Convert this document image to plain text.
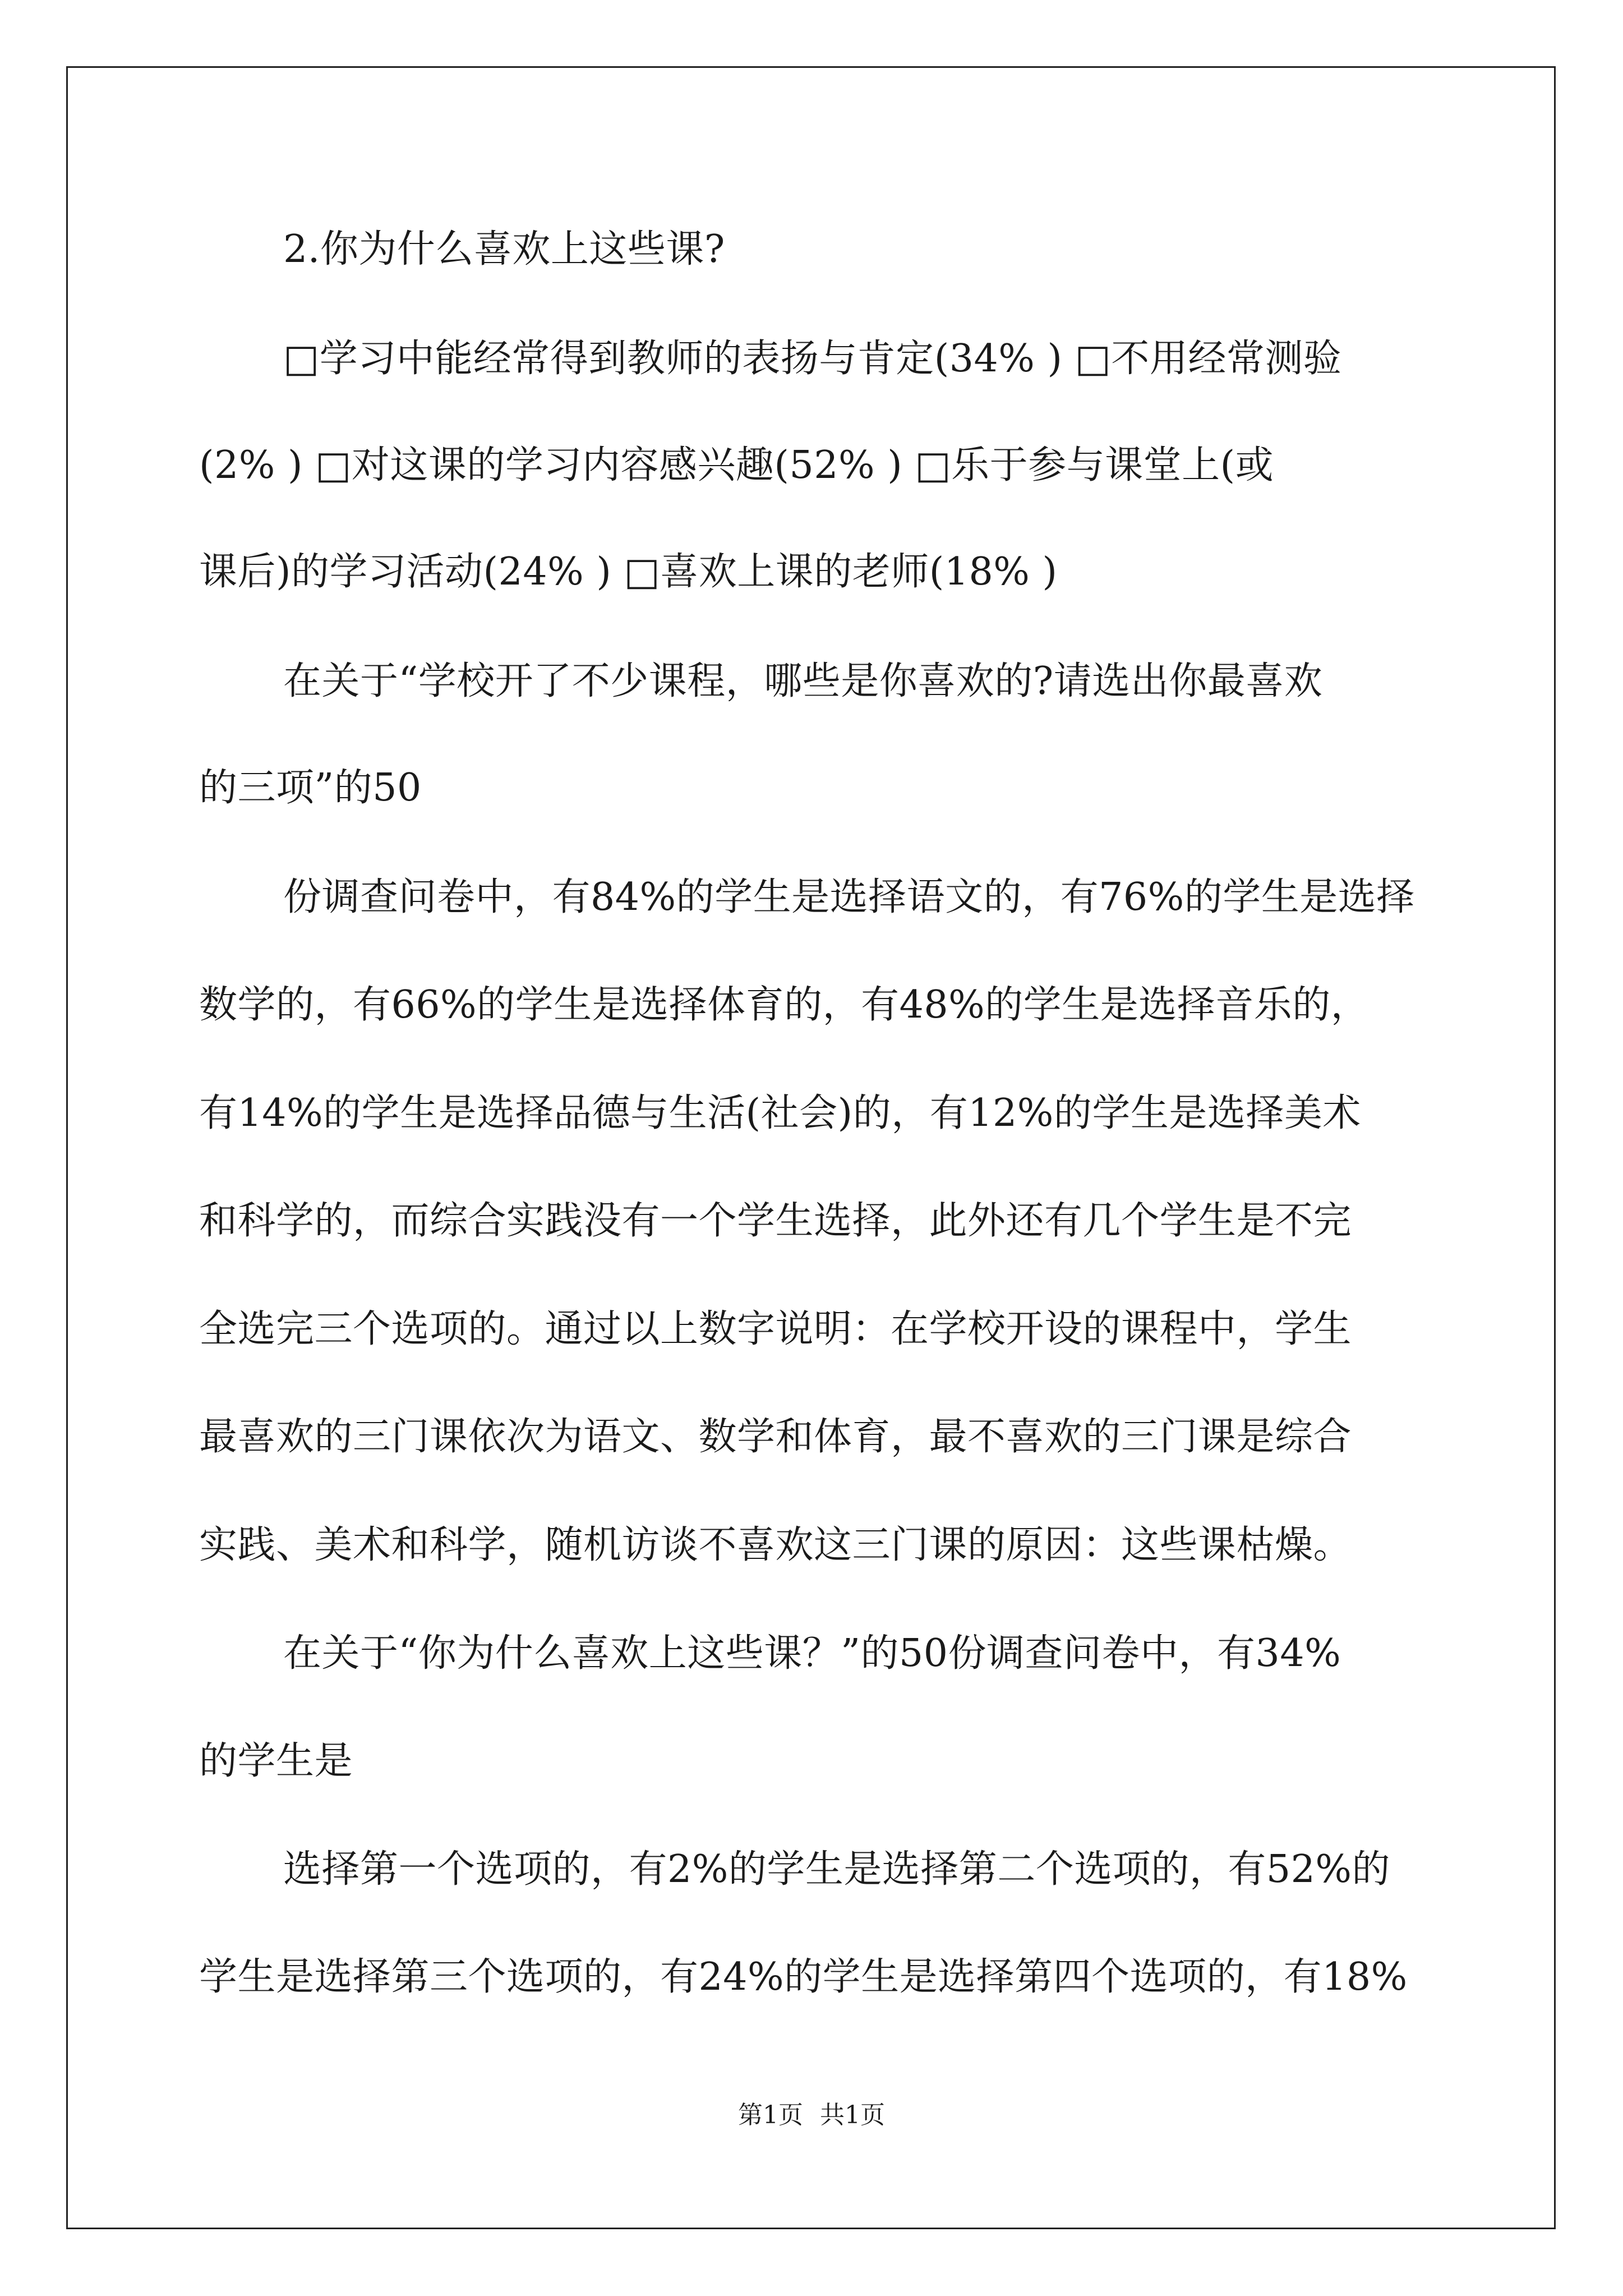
2.你为什么喜欢上这些课?
□学习中能经常得到教师的表扬与肯定(34% ) □不用经常测验
(2% ) □对这课的学习内容感兴趣(52% ) □乐于参与课堂上(或
课后)的学习活动(24% ) □喜欢上课的老师(18% )
在关于“学校开了不少课程，哪些是你喜欢的?请选出你最喜欢
的三项”的50
份调查问卷中，有84%的学生是选择语文的，有76%的学生是选择
数学的，有66%的学生是选择体育的，有48%的学生是选择音乐的，
有14%的学生是选择品德与生活(社会)的，有12%的学生是选择美术
和科学的，而综合实践没有一个学生选择，此外还有几个学生是不完
全选完三个选项的。通过以上数字说明：在学校开设的课程中，学生
最喜欢的三门课依次为语文、数学和体育，最不喜欢的三门课是综合
实践、美术和科学，随机访谈不喜欢这三门课的原因：这些课枯燥。
在关于“你为什么喜欢上这些课？”的50份调查问卷中，有34%
的学生是
选择第一个选项的，有2%的学生是选择第二个选项的，有52%的
学生是选择第三个选项的，有24%的学生是选择第四个选项的，有18%
第1页 共1页
